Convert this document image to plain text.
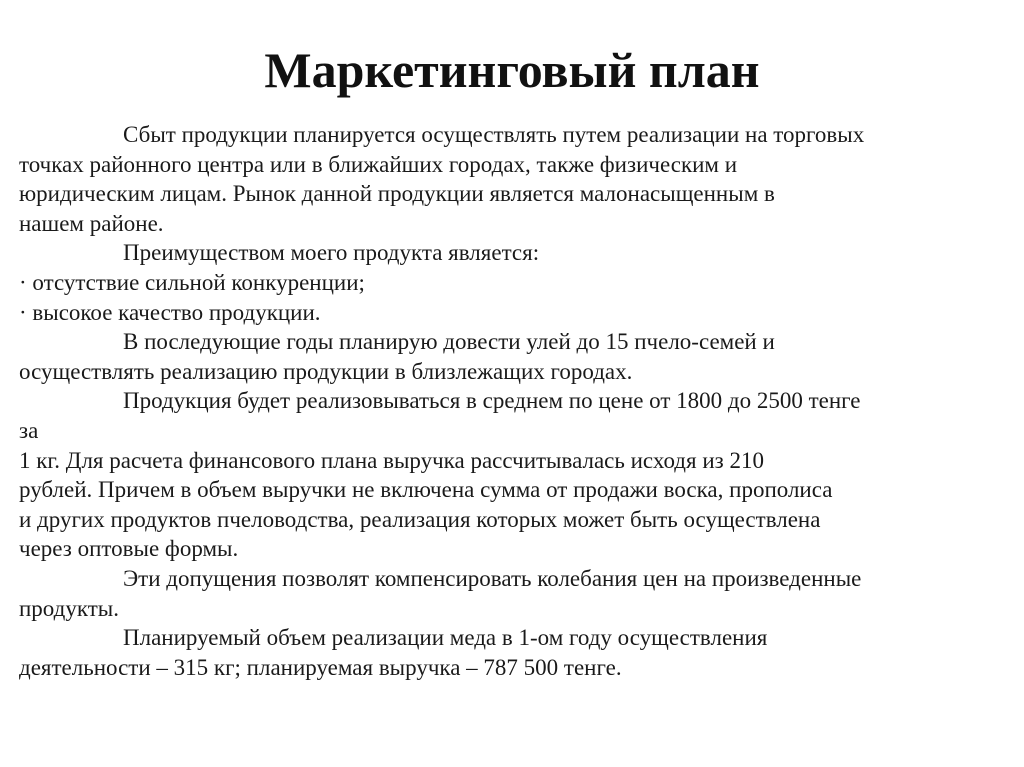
Маркетинговый план
Сбыт продукции планируется осуществлять путем реализации на торговых
точках районного центра или в ближайших городах, также физическим и
юридическим лицам. Рынок данной продукции является малонасыщенным в
нашем районе.
Преимуществом моего продукта является:
· отсутствие сильной конкуренции;
· высокое качество продукции.
В последующие годы планирую довести улей до 15 пчело-семей и
осуществлять реализацию продукции в близлежащих городах.
Продукция будет реализовываться в среднем по цене от 1800 до 2500 тенге
за
1 кг. Для расчета финансового плана выручка рассчитывалась исходя из 210
рублей. Причем в объем выручки не включена сумма от продажи воска, прополиса
и других продуктов пчеловодства, реализация которых может быть осуществлена
через оптовые формы.
Эти допущения позволят компенсировать колебания цен на произведенные
продукты.
Планируемый объем реализации меда в 1-ом году осуществления
деятельности – 315 кг; планируемая выручка – 787 500 тенге.
